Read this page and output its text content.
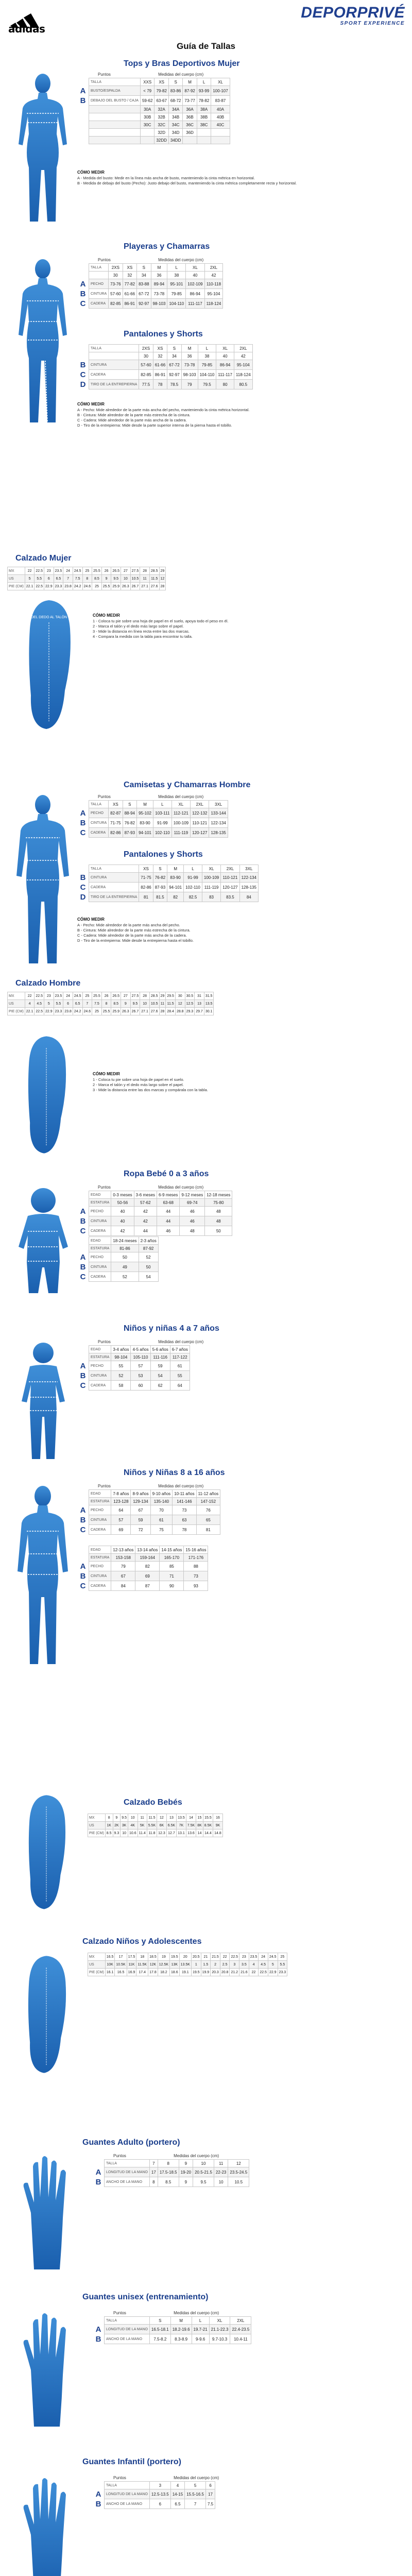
adidas
DEPORPRIVÉ
SPORT EXPERIENCE
Guía de Tallas
Tops y Bras Deportivos Mujer
Puntos	Medidas del cuerpo (cm)
	TALLA	XXS	XS	S	M	L	XL
A	BUSTO/ESPALDA	< 79	79-82	83-86	87-92	93-99	100-107
B	DEBAJO DEL BUSTO / CAJA	59-62	63-67	68-72	73-77	78-82	83-87
		30A	32A	34A	36A	38A	40A
		30B	32B	34B	36B	38B	40B
		30C	32C	34C	36C	38C	40C
			32D	34D	36D		
			32DD	34DD			
CÓMO MEDIR
A - Medida del busto: Medir en la línea más ancha de busto, manteniendo la cinta métrica en horizontal.
B - Medida de debajo del busto (Pecho): Justo debajo del busto, manteniendo la cinta métrica completamente recta y horizontal.
Playeras y Chamarras
Puntos	Medidas del cuerpo (cm)
	TALLA	2XS	XS	S	M	L	XL	2XL
		30	32	34	36	38	40	42
A	PECHO	73-76	77-82	83-88	89-94	95-101	102-109	110-118
B	CINTURA	57-60	61-66	67-72	73-78	79-85	86-94	95-104
C	CADERA	82-85	86-91	92-97	98-103	104-110	111-117	118-124
Pantalones y Shorts
	TALLA	2XS	XS	S	M	L	XL	2XL
		30	32	34	36	38	40	42
B	CINTURA	57-60	61-66	67-72	73-78	79-85	86-94	95-104
C	CADERA	82-85	86-91	92-97	98-103	104-110	111-117	118-124
D	TIRO DE LA ENTREPIERNA	77.5	78	78.5	79	79.5	80	80.5
CÓMO MEDIR
A - Pecho: Mide alrededor de la parte más ancha del pecho, manteniendo la cinta métrica horizontal.
B - Cintura: Mide alrededor de la parte más estrecha de la cintura.
C - Cadera: Mide alrededor de la parte más ancha de la cadera.
D - Tiro de la entrepierna: Mide desde la parte superior interna de la pierna hasta el tobillo.
Calzado Mujer
MX	22	22.5	23	23.5	24	24.5	25	25.5	26	26.5	27	27.5	28	28.5	29
US	5	5.5	6	6.5	7	7.5	8	8.5	9	9.5	10	10.5	11	11.5	12
PIE (CM)	22.1	22.5	22.9	23.3	23.8	24.2	24.6	25	25.5	25.9	26.3	26.7	27.1	27.6	28
DEL DEDO AL TALÓN	CÓMO MEDIR
1 - Coloca tu pie sobre una hoja de papel en el suelo, apoya todo el peso en él.
2 - Marca el talón y el dedo más largo sobre el papel.
3 - Mide la distancia en línea recta entre las dos marcas.
4 - Compara la medida con la tabla para encontrar tu talla.
Camisetas y Chamarras Hombre
Puntos	Medidas del cuerpo (cm)
	TALLA	XS	S	M	L	XL	2XL	3XL
A	PECHO	82-87	88-94	95-102	103-111	112-121	122-132	133-144
B	CINTURA	71-75	76-82	83-90	91-99	100-109	110-121	122-134
C	CADERA	82-86	87-93	94-101	102-110	111-119	120-127	128-135
Pantalones y Shorts
	TALLA	XS	S	M	L	XL	2XL	3XL
B	CINTURA	71-75	76-82	83-90	91-99	100-109	110-121	122-134
C	CADERA	82-86	87-93	94-101	102-110	111-119	120-127	128-135
D	TIRO DE LA ENTREPIERNA	81	81.5	82	82.5	83	83.5	84
CÓMO MEDIR
A - Pecho: Mide alrededor de la parte más ancha del pecho.
B - Cintura: Mide alrededor de la parte más estrecha de la cintura.
C - Cadera: Mide alrededor de la parte más ancha de la cadera.
D - Tiro de la entrepierna: Mide desde la entrepierna hasta el tobillo.
Calzado Hombre
MX	22	22.5	23	23.5	24	24.5	25	25.5	26	26.5	27	27.5	28	28.5	29	29.5	30	30.5	31	31.5
US	4	4.5	5	5.5	6	6.5	7	7.5	8	8.5	9	9.5	10	10.5	11	11.5	12	12.5	13	13.5
PIE (CM)	22.1	22.5	22.9	23.3	23.8	24.2	24.6	25	25.5	25.9	26.3	26.7	27.1	27.6	28	28.4	28.8	29.3	29.7	30.1
CÓMO MEDIR
1 - Coloca tu pie sobre una hoja de papel en el suelo.
2 - Marca el talón y el dedo más largo sobre el papel.
3 - Mide la distancia entre las dos marcas y compárala con la tabla.
Ropa Bebé 0 a 3 años
Puntos	Medidas del cuerpo (cm)
	EDAD	0-3 meses	3-6 meses	6-9 meses	9-12 meses	12-18 meses
	ESTATURA	50-56	57-62	63-68	69-74	75-80
A	PECHO	40	42	44	46	48
B	CINTURA	40	42	44	46	48
C	CADERA	42	44	46	48	50
	EDAD	18-24 meses	2-3 años
	ESTATURA	81-86	87-92
A	PECHO	50	52
B	CINTURA	49	50
C	CADERA	52	54
Niños y niñas 4 a 7 años
Puntos	Medidas del cuerpo (cm)
	EDAD	3-4 años	4-5 años	5-6 años	6-7 años
	ESTATURA	98-104	105-110	111-116	117-122
A	PECHO	55	57	59	61
B	CINTURA	52	53	54	55
C	CADERA	58	60	62	64
Niños y Niñas 8 a 16 años
Puntos	Medidas del cuerpo (cm)
	EDAD	7-8 años	8-9 años	9-10 años	10-11 años	11-12 años
	ESTATURA	123-128	129-134	135-140	141-146	147-152
A	PECHO	64	67	70	73	76
B	CINTURA	57	59	61	63	65
C	CADERA	69	72	75	78	81
	EDAD	12-13 años	13-14 años	14-15 años	15-16 años
	ESTATURA	153-158	159-164	165-170	171-176
A	PECHO	79	82	85	88
B	CINTURA	67	69	71	73
C	CADERA	84	87	90	93
Calzado Bebés
MX	8	9	9.5	10	11	11.5	12	13	13.5	14	15	15.5	16
US	1K	2K	3K	4K	5K	5.5K	6K	6.5K	7K	7.5K	8K	8.5K	9K
PIE (CM)	8.5	9.3	10	10.6	11.4	11.8	12.3	12.7	13.1	13.6	14	14.4	14.8
Calzado Niños y Adolescentes
MX	16.5	17	17.5	18	18.5	19	19.5	20	20.5	21	21.5	22	22.5	23	23.5	24	24.5	25
US	10K	10.5K	11K	11.5K	12K	12.5K	13K	13.5K	1	1.5	2	2.5	3	3.5	4	4.5	5	5.5
PIE (CM)	16.1	16.5	16.9	17.4	17.8	18.2	18.6	19.1	19.5	19.9	20.3	20.8	21.2	21.6	22	22.5	22.9	23.3
Guantes Adulto (portero)
Puntos	Medidas del cuerpo (cm)
	TALLA	7	8	9	10	11	12
A	LONGITUD DE LA MANO	17	17.5-18.5	19-20	20.5-21.5	22-23	23.5-24.5
B	ANCHO DE LA MANO	8	8.5	9	9.5	10	10.5
Guantes unisex (entrenamiento)
Puntos	Medidas del cuerpo (cm)
	TALLA	S	M	L	XL	2XL
A	LONGITUD DE LA MANO	16.5-18.1	18.2-19.6	19.7-21	21.1-22.3	22.4-23.5
B	ANCHO DE LA MANO	7.5-8.2	8.3-8.9	9-9.6	9.7-10.3	10.4-11
Guantes Infantil (portero)
Puntos	Medidas del cuerpo (cm)
	TALLA	3	4	5	6
A	LONGITUD DE LA MANO	12.5-13.5	14-15	15.5-16.5	17
B	ANCHO DE LA MANO	6	6.5	7	7.5
